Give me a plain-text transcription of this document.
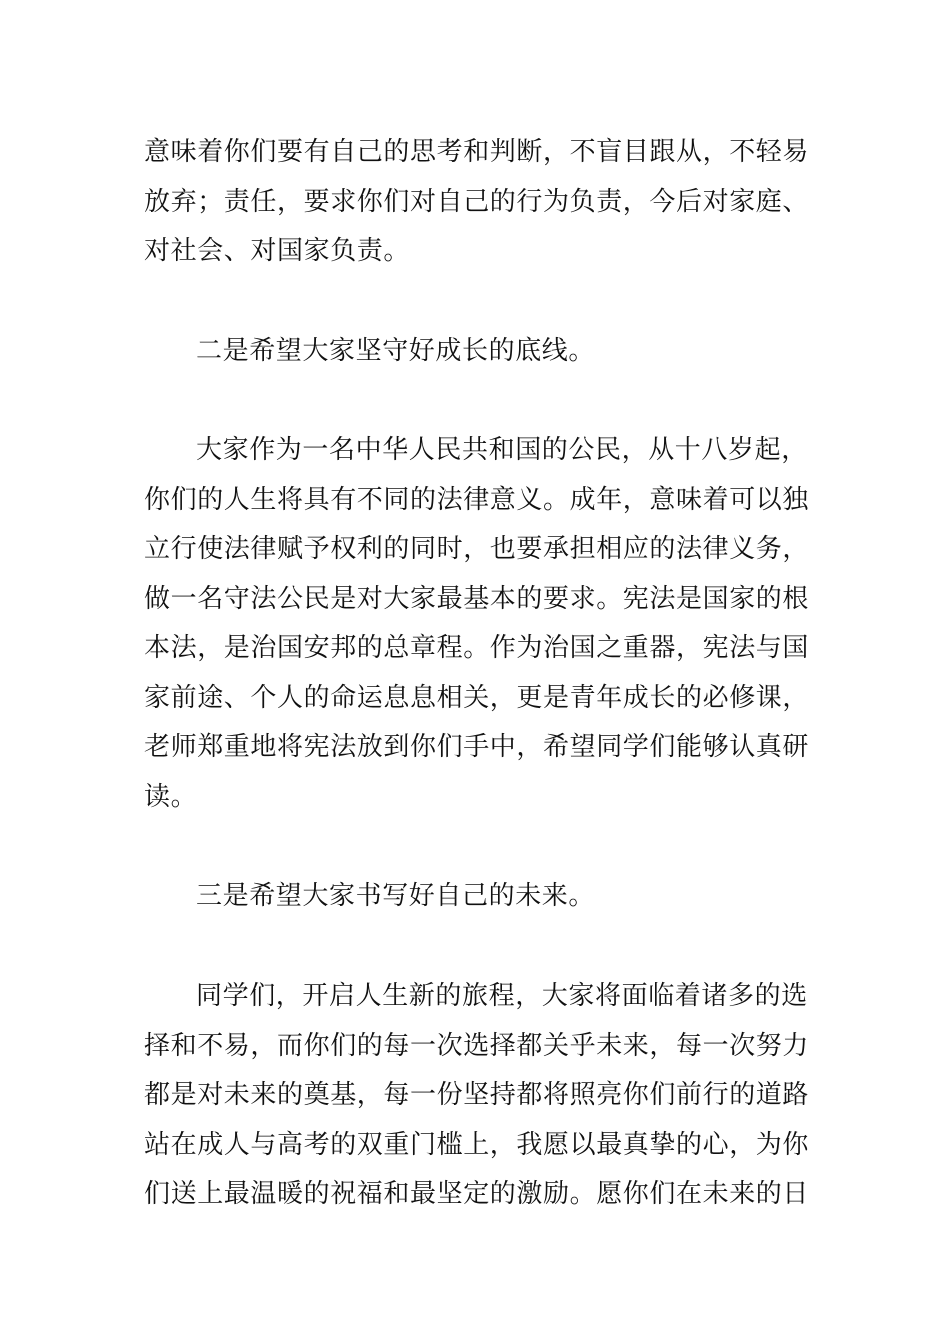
意味着你们要有自己的思考和判断，不盲目跟从，不轻易
放弃；责任，要求你们对自己的行为负责，今后对家庭、
对社会、对国家负责。
二是希望大家坚守好成长的底线。
大家作为一名中华人民共和国的公民，从十八岁起，
你们的人生将具有不同的法律意义。成年，意味着可以独
立行使法律赋予权利的同时，也要承担相应的法律义务，
做一名守法公民是对大家最基本的要求。宪法是国家的根
本法，是治国安邦的总章程。作为治国之重器，宪法与国
家前途、个人的命运息息相关，更是青年成长的必修课，
老师郑重地将宪法放到你们手中，希望同学们能够认真研
读。
三是希望大家书写好自己的未来。
同学们，开启人生新的旅程，大家将面临着诸多的选
择和不易，而你们的每一次选择都关乎未来，每一次努力
都是对未来的奠基，每一份坚持都将照亮你们前行的道路
站在成人与高考的双重门槛上，我愿以最真挚的心，为你
们送上最温暖的祝福和最坚定的激励。愿你们在未来的日
